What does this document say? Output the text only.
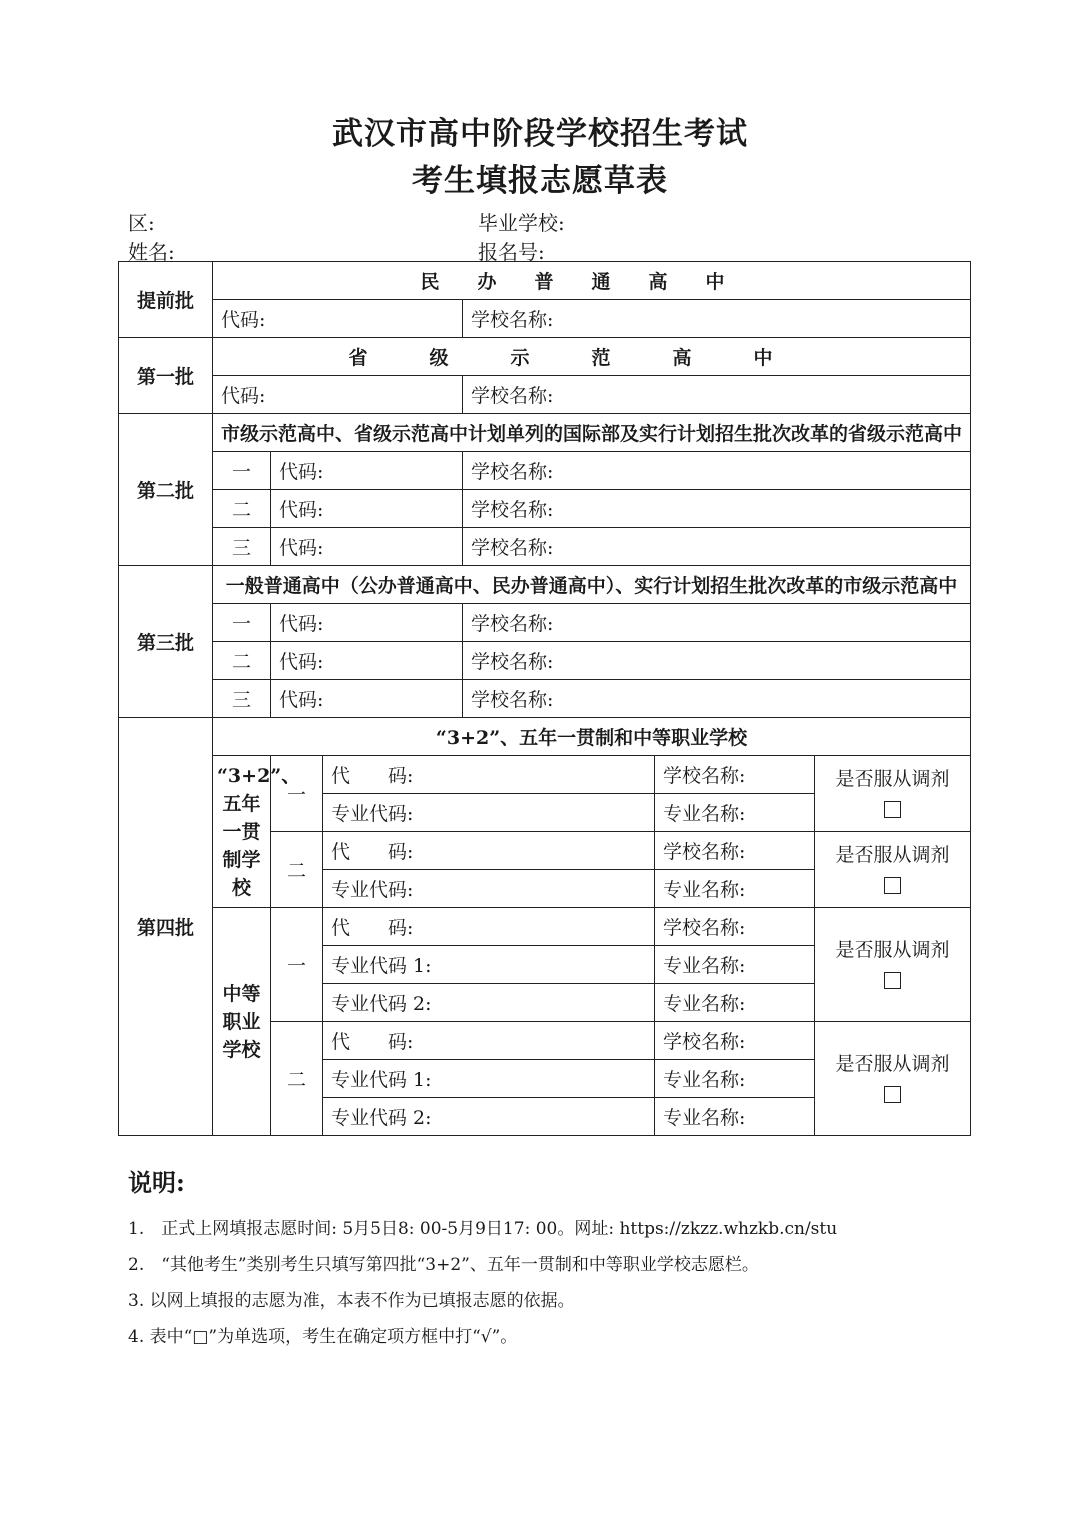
武汉市高中阶段学校招生考试
考生填报志愿草表
区:	毕业学校:
姓名:	报名号:
提前批	民办普通高中					
	代码:			学校名称:		
第一批	省级示范高中					
	代码:			学校名称:		
第二批	市级示范高中、省级示范高中计划单列的国际部及实行计划招生批次改革的省级示范高中					
	一	代码:		学校名称:		
	二	代码:		学校名称:		
	三	代码:		学校名称:		
第三批	一般普通高中（公办普通高中、民办普通高中）、实行计划招生批次改革的市级示范高中					
	一	代码:		学校名称:		
	二	代码:		学校名称:		
	三	代码:		学校名称:		
第四批	“3+2”、五年一贯制和中等职业学校					
	“3+2”、五年一贯制学校	一	代　　码:		学校名称:	是否服从调剂

			专业代码:		专业名称:	
		二	代　　码:		学校名称:	是否服从调剂

			专业代码:		专业名称:	
	中等职业学校	一	代　　码:		学校名称:	是否服从调剂

			专业代码 1:		专业名称:	
			专业代码 2:		专业名称:	
		二	代　　码:		学校名称:	是否服从调剂

			专业代码 1:		专业名称:	
			专业代码 2:		专业名称:	
说明:
1.　正式上网填报志愿时间: 5月5日8: 00-5月9日17: 00。网址: https://zkzz.whzkb.cn/stu
2.　“其他考生”类别考生只填写第四批“3+2”、五年一贯制和中等职业学校志愿栏。
3. 以网上填报的志愿为准，本表不作为已填报志愿的依据。
4. 表中“□”为单选项，考生在确定项方框中打“√”。
